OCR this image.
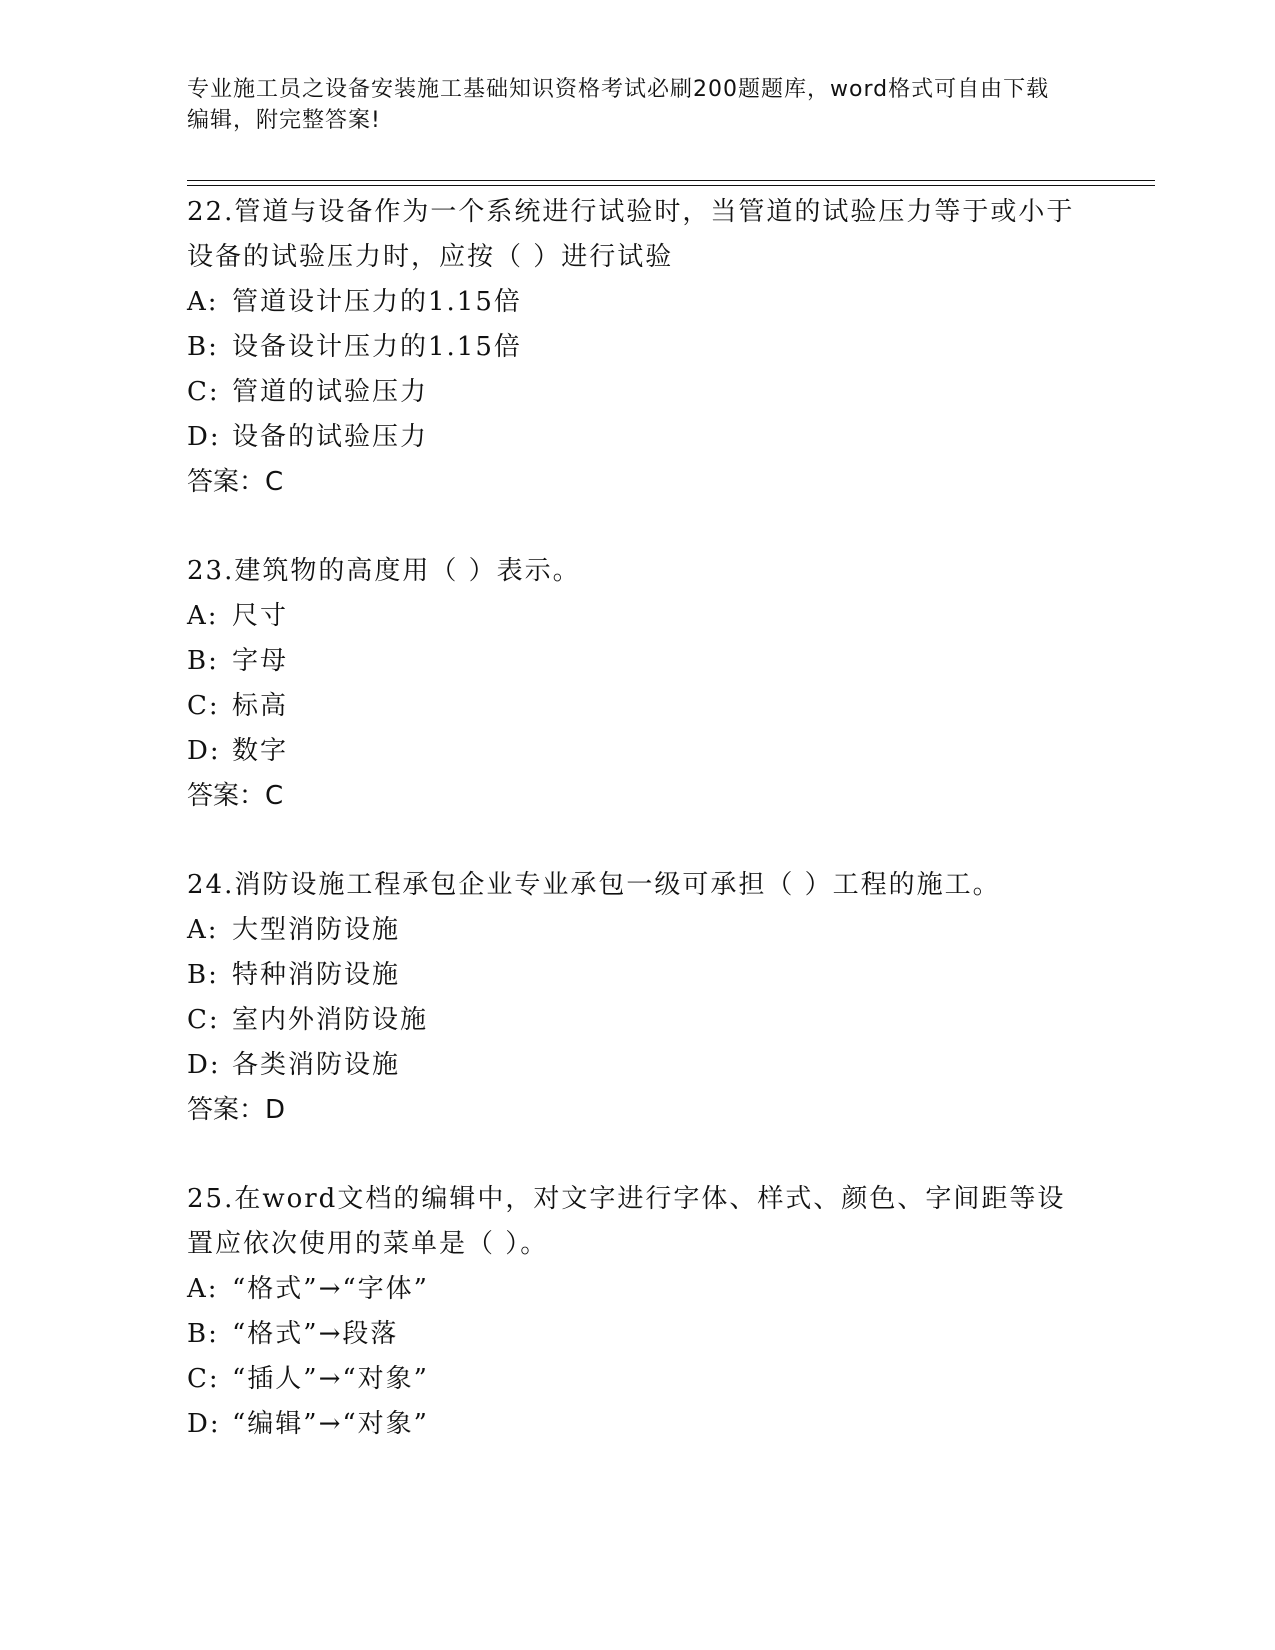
专业施工员之设备安装施工基础知识资格考试必刷200题题库，word格式可自由下载编辑，附完整答案!

22.管道与设备作为一个系统进行试验时，当管道的试验压力等于或小于设备的试验压力时，应按（ ）进行试验

A: 管道设计压力的1.15倍

B: 设备设计压力的1.15倍

C: 管道的试验压力

D: 设备的试验压力

答案：C

23.建筑物的高度用（ ）表示。

A: 尺寸

B: 字母

C: 标高

D: 数字

答案：C

24.消防设施工程承包企业专业承包一级可承担（ ）工程的施工。

A: 大型消防设施

B: 特种消防设施

C: 室内外消防设施

D: 各类消防设施

答案：D

25.在word文档的编辑中，对文字进行字体、样式、颜色、字间距等设置应依次使用的菜单是（ ）。

A: “格式”→“字体”

B: “格式”→段落

C: “插人”→“对象”

D: “编辑”→“对象”
